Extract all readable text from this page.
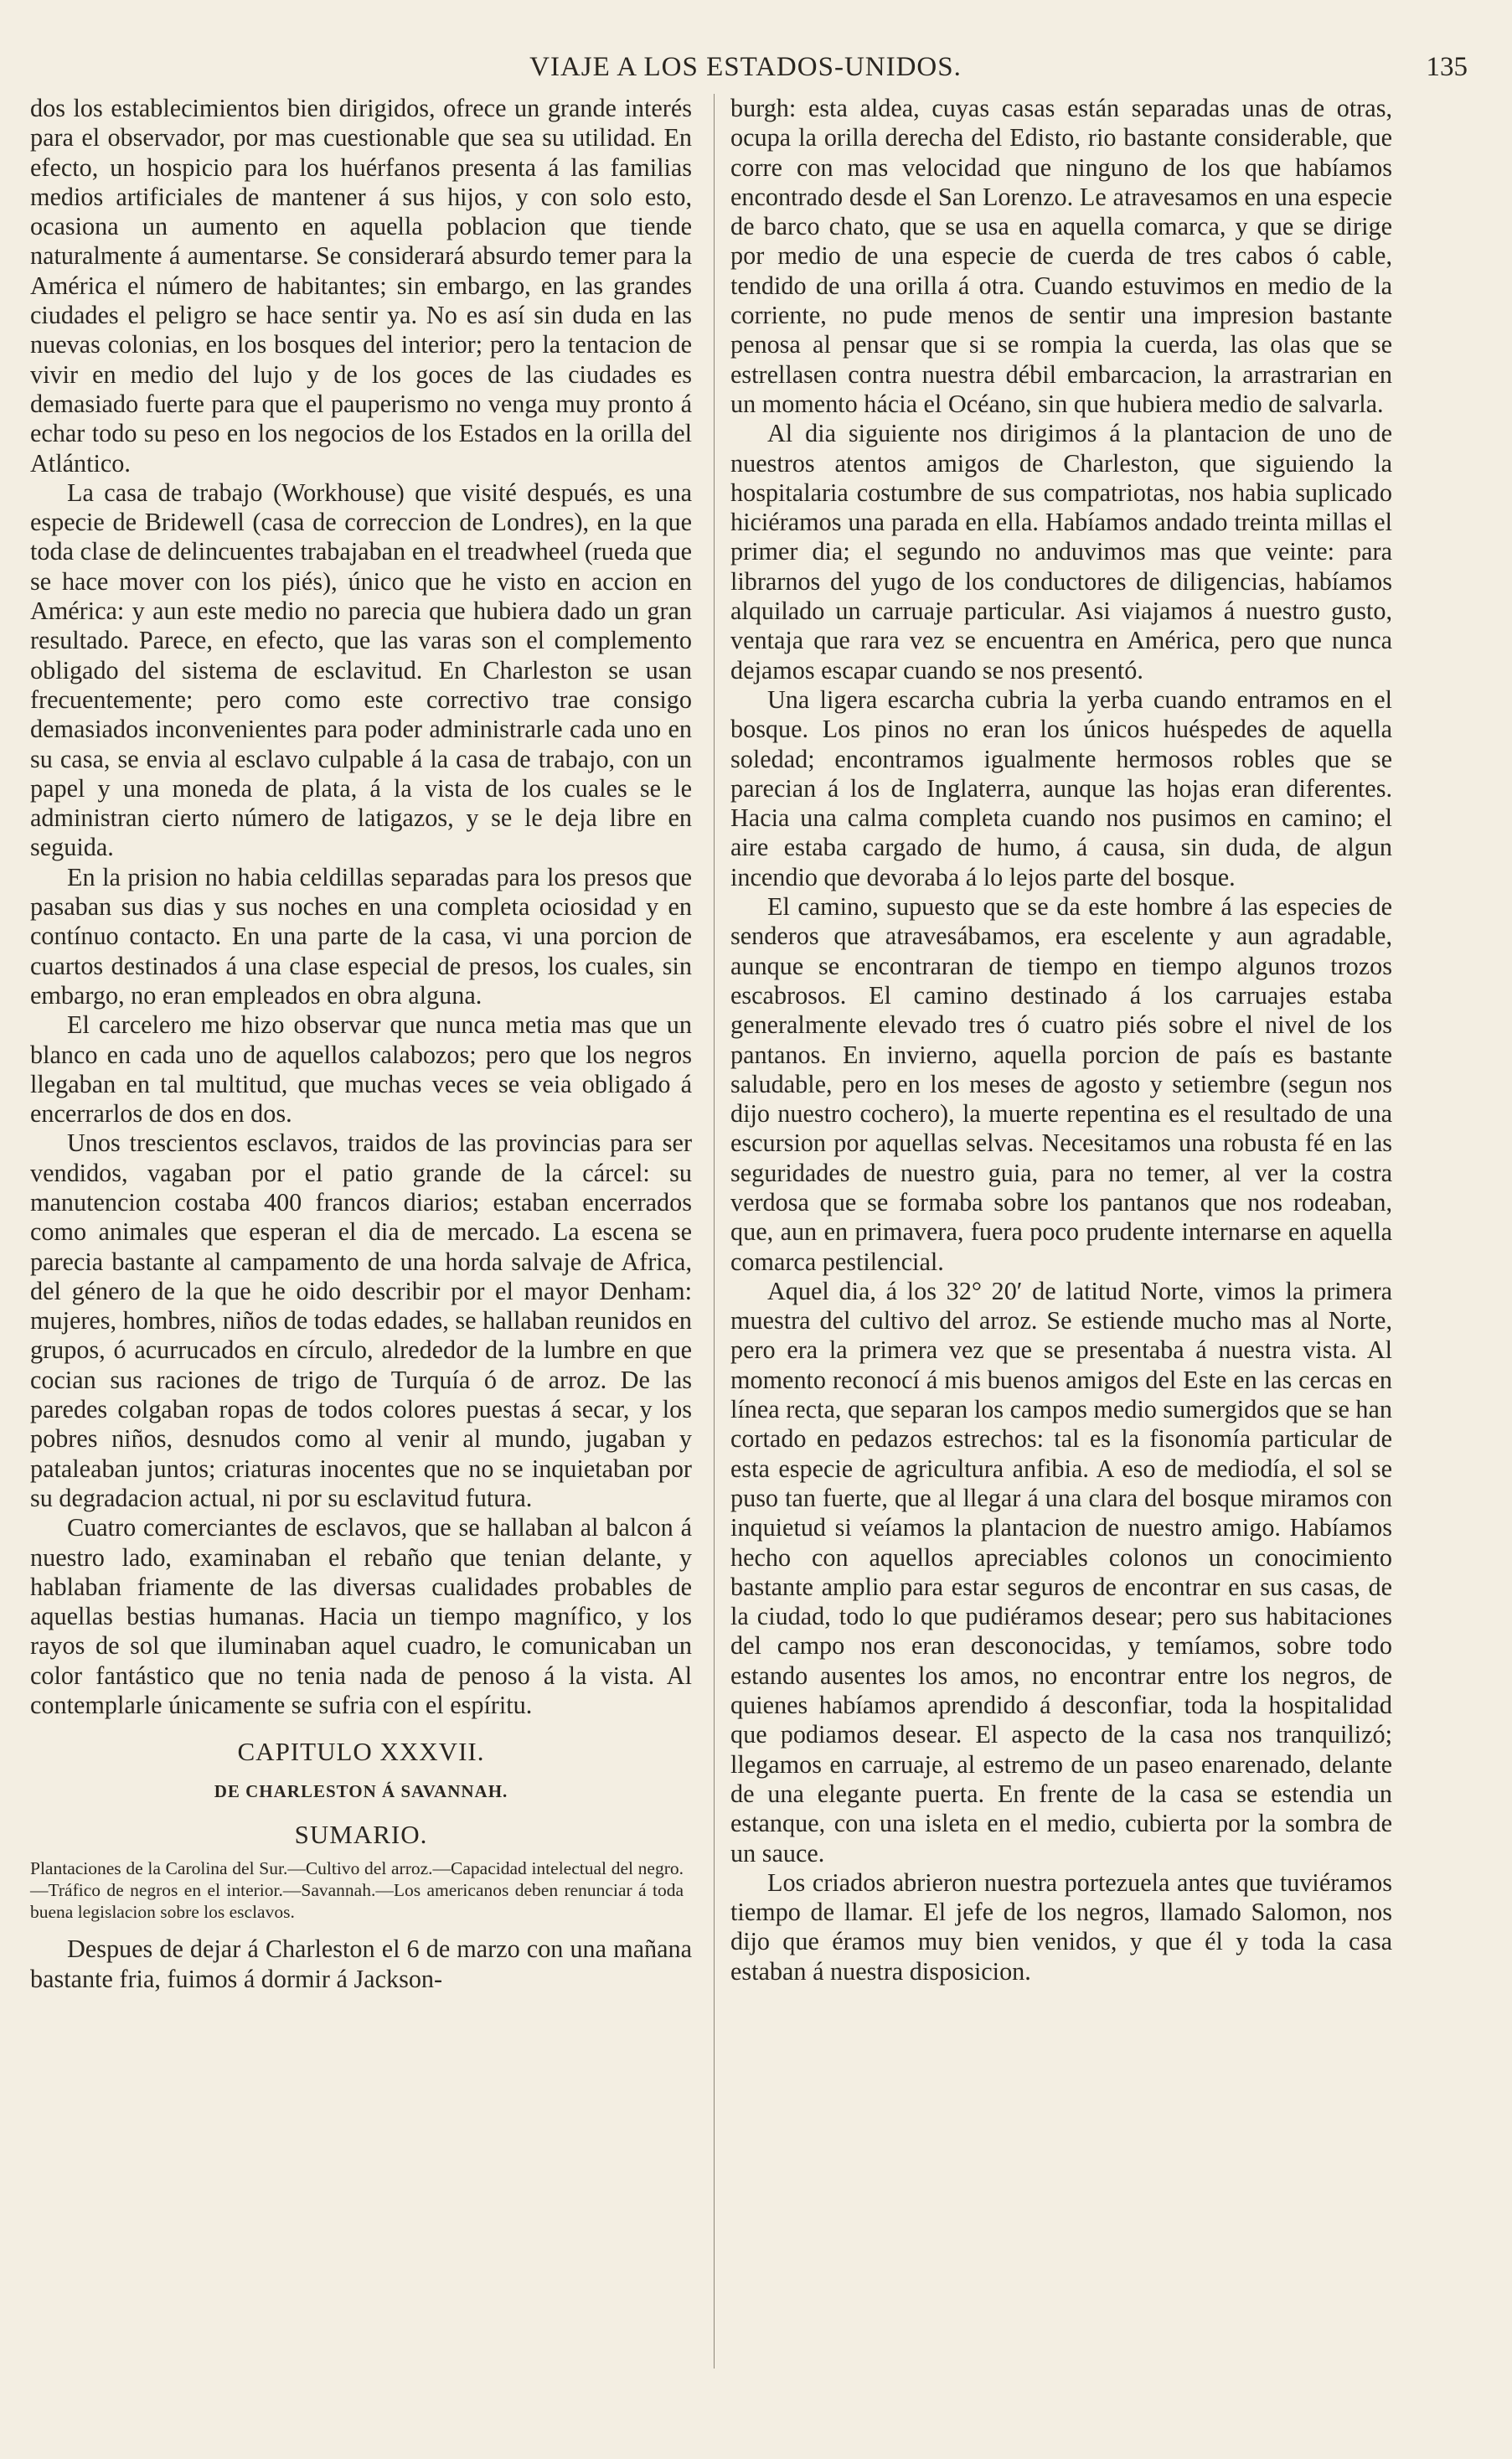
VIAJE A LOS ESTADOS-UNIDOS.	135

dos los establecimientos bien dirigidos, ofrece un grande interés para el observador, por mas cuestionable que sea su utilidad. En efecto, un hospicio para los huérfanos presenta á las familias medios artificiales de mantener á sus hijos, y con solo esto, ocasiona un aumento en aquella poblacion que tiende naturalmente á aumentarse. Se considerará absurdo temer para la América el número de habitantes; sin embargo, en las grandes ciudades el peligro se hace sentir ya. No es así sin duda en las nuevas colonias, en los bosques del interior; pero la tentacion de vivir en medio del lujo y de los goces de las ciudades es demasiado fuerte para que el pauperismo no venga muy pronto á echar todo su peso en los negocios de los Estados en la orilla del Atlántico.

La casa de trabajo (Workhouse) que visité después, es una especie de Bridewell (casa de correccion de Londres), en la que toda clase de delincuentes trabajaban en el treadwheel (rueda que se hace mover con los piés), único que he visto en accion en América: y aun este medio no parecia que hubiera dado un gran resultado. Parece, en efecto, que las varas son el complemento obligado del sistema de esclavitud. En Charleston se usan frecuentemente; pero como este correctivo trae consigo demasiados inconvenientes para poder administrarle cada uno en su casa, se envia al esclavo culpable á la casa de trabajo, con un papel y una moneda de plata, á la vista de los cuales se le administran cierto número de latigazos, y se le deja libre en seguida.

En la prision no habia celdillas separadas para los presos que pasaban sus dias y sus noches en una completa ociosidad y en contínuo contacto. En una parte de la casa, vi una porcion de cuartos destinados á una clase especial de presos, los cuales, sin embargo, no eran empleados en obra alguna.

El carcelero me hizo observar que nunca metia mas que un blanco en cada uno de aquellos calabozos; pero que los negros llegaban en tal multitud, que muchas veces se veia obligado á encerrarlos de dos en dos.

Unos trescientos esclavos, traidos de las provincias para ser vendidos, vagaban por el patio grande de la cárcel: su manutencion costaba 400 francos diarios; estaban encerrados como animales que esperan el dia de mercado. La escena se parecia bastante al campamento de una horda salvaje de Africa, del género de la que he oido describir por el mayor Denham: mujeres, hombres, niños de todas edades, se hallaban reunidos en grupos, ó acurrucados en círculo, alrededor de la lumbre en que cocian sus raciones de trigo de Turquía ó de arroz. De las paredes colgaban ropas de todos colores puestas á secar, y los pobres niños, desnudos como al venir al mundo, jugaban y pataleaban juntos; criaturas inocentes que no se inquietaban por su degradacion actual, ni por su esclavitud futura.

Cuatro comerciantes de esclavos, que se hallaban al balcon á nuestro lado, examinaban el rebaño que tenian delante, y hablaban friamente de las diversas cualidades probables de aquellas bestias humanas. Hacia un tiempo magnífico, y los rayos de sol que iluminaban aquel cuadro, le comunicaban un color fantástico que no tenia nada de penoso á la vista. Al contemplarle únicamente se sufria con el espíritu.

CAPITULO XXXVII.
DE CHARLESTON Á SAVANNAH.
SUMARIO.
Plantaciones de la Carolina del Sur.—Cultivo del arroz.—Capacidad intelectual del negro.—Tráfico de negros en el interior.—Savannah.—Los americanos deben renunciar á toda buena legislacion sobre los esclavos.

Despues de dejar á Charleston el 6 de marzo con una mañana bastante fria, fuimos á dormir á Jackson-

burgh: esta aldea, cuyas casas están separadas unas de otras, ocupa la orilla derecha del Edisto, rio bastante considerable, que corre con mas velocidad que ninguno de los que habíamos encontrado desde el San Lorenzo. Le atravesamos en una especie de barco chato, que se usa en aquella comarca, y que se dirige por medio de una especie de cuerda de tres cabos ó cable, tendido de una orilla á otra. Cuando estuvimos en medio de la corriente, no pude menos de sentir una impresion bastante penosa al pensar que si se rompia la cuerda, las olas que se estrellasen contra nuestra débil embarcacion, la arrastrarian en un momento hácia el Océano, sin que hubiera medio de salvarla.

Al dia siguiente nos dirigimos á la plantacion de uno de nuestros atentos amigos de Charleston, que siguiendo la hospitalaria costumbre de sus compatriotas, nos habia suplicado hiciéramos una parada en ella. Habíamos andado treinta millas el primer dia; el segundo no anduvimos mas que veinte: para librarnos del yugo de los conductores de diligencias, habíamos alquilado un carruaje particular. Asi viajamos á nuestro gusto, ventaja que rara vez se encuentra en América, pero que nunca dejamos escapar cuando se nos presentó.

Una ligera escarcha cubria la yerba cuando entramos en el bosque. Los pinos no eran los únicos huéspedes de aquella soledad; encontramos igualmente hermosos robles que se parecian á los de Inglaterra, aunque las hojas eran diferentes. Hacia una calma completa cuando nos pusimos en camino; el aire estaba cargado de humo, á causa, sin duda, de algun incendio que devoraba á lo lejos parte del bosque.

El camino, supuesto que se da este hombre á las especies de senderos que atravesábamos, era escelente y aun agradable, aunque se encontraran de tiempo en tiempo algunos trozos escabrosos. El camino destinado á los carruajes estaba generalmente elevado tres ó cuatro piés sobre el nivel de los pantanos. En invierno, aquella porcion de país es bastante saludable, pero en los meses de agosto y setiembre (segun nos dijo nuestro cochero), la muerte repentina es el resultado de una escursion por aquellas selvas. Necesitamos una robusta fé en las seguridades de nuestro guia, para no temer, al ver la costra verdosa que se formaba sobre los pantanos que nos rodeaban, que, aun en primavera, fuera poco prudente internarse en aquella comarca pestilencial.

Aquel dia, á los 32° 20′ de latitud Norte, vimos la primera muestra del cultivo del arroz. Se estiende mucho mas al Norte, pero era la primera vez que se presentaba á nuestra vista. Al momento reconocí á mis buenos amigos del Este en las cercas en línea recta, que separan los campos medio sumergidos que se han cortado en pedazos estrechos: tal es la fisonomía particular de esta especie de agricultura anfibia. A eso de mediodía, el sol se puso tan fuerte, que al llegar á una clara del bosque miramos con inquietud si veíamos la plantacion de nuestro amigo. Habíamos hecho con aquellos apreciables colonos un conocimiento bastante amplio para estar seguros de encontrar en sus casas, de la ciudad, todo lo que pudiéramos desear; pero sus habitaciones del campo nos eran desconocidas, y temíamos, sobre todo estando ausentes los amos, no encontrar entre los negros, de quienes habíamos aprendido á desconfiar, toda la hospitalidad que podiamos desear. El aspecto de la casa nos tranquilizó; llegamos en carruaje, al estremo de un paseo enarenado, delante de una elegante puerta. En frente de la casa se estendia un estanque, con una isleta en el medio, cubierta por la sombra de un sauce.

Los criados abrieron nuestra portezuela antes que tuviéramos tiempo de llamar. El jefe de los negros, llamado Salomon, nos dijo que éramos muy bien venidos, y que él y toda la casa estaban á nuestra disposicion.
